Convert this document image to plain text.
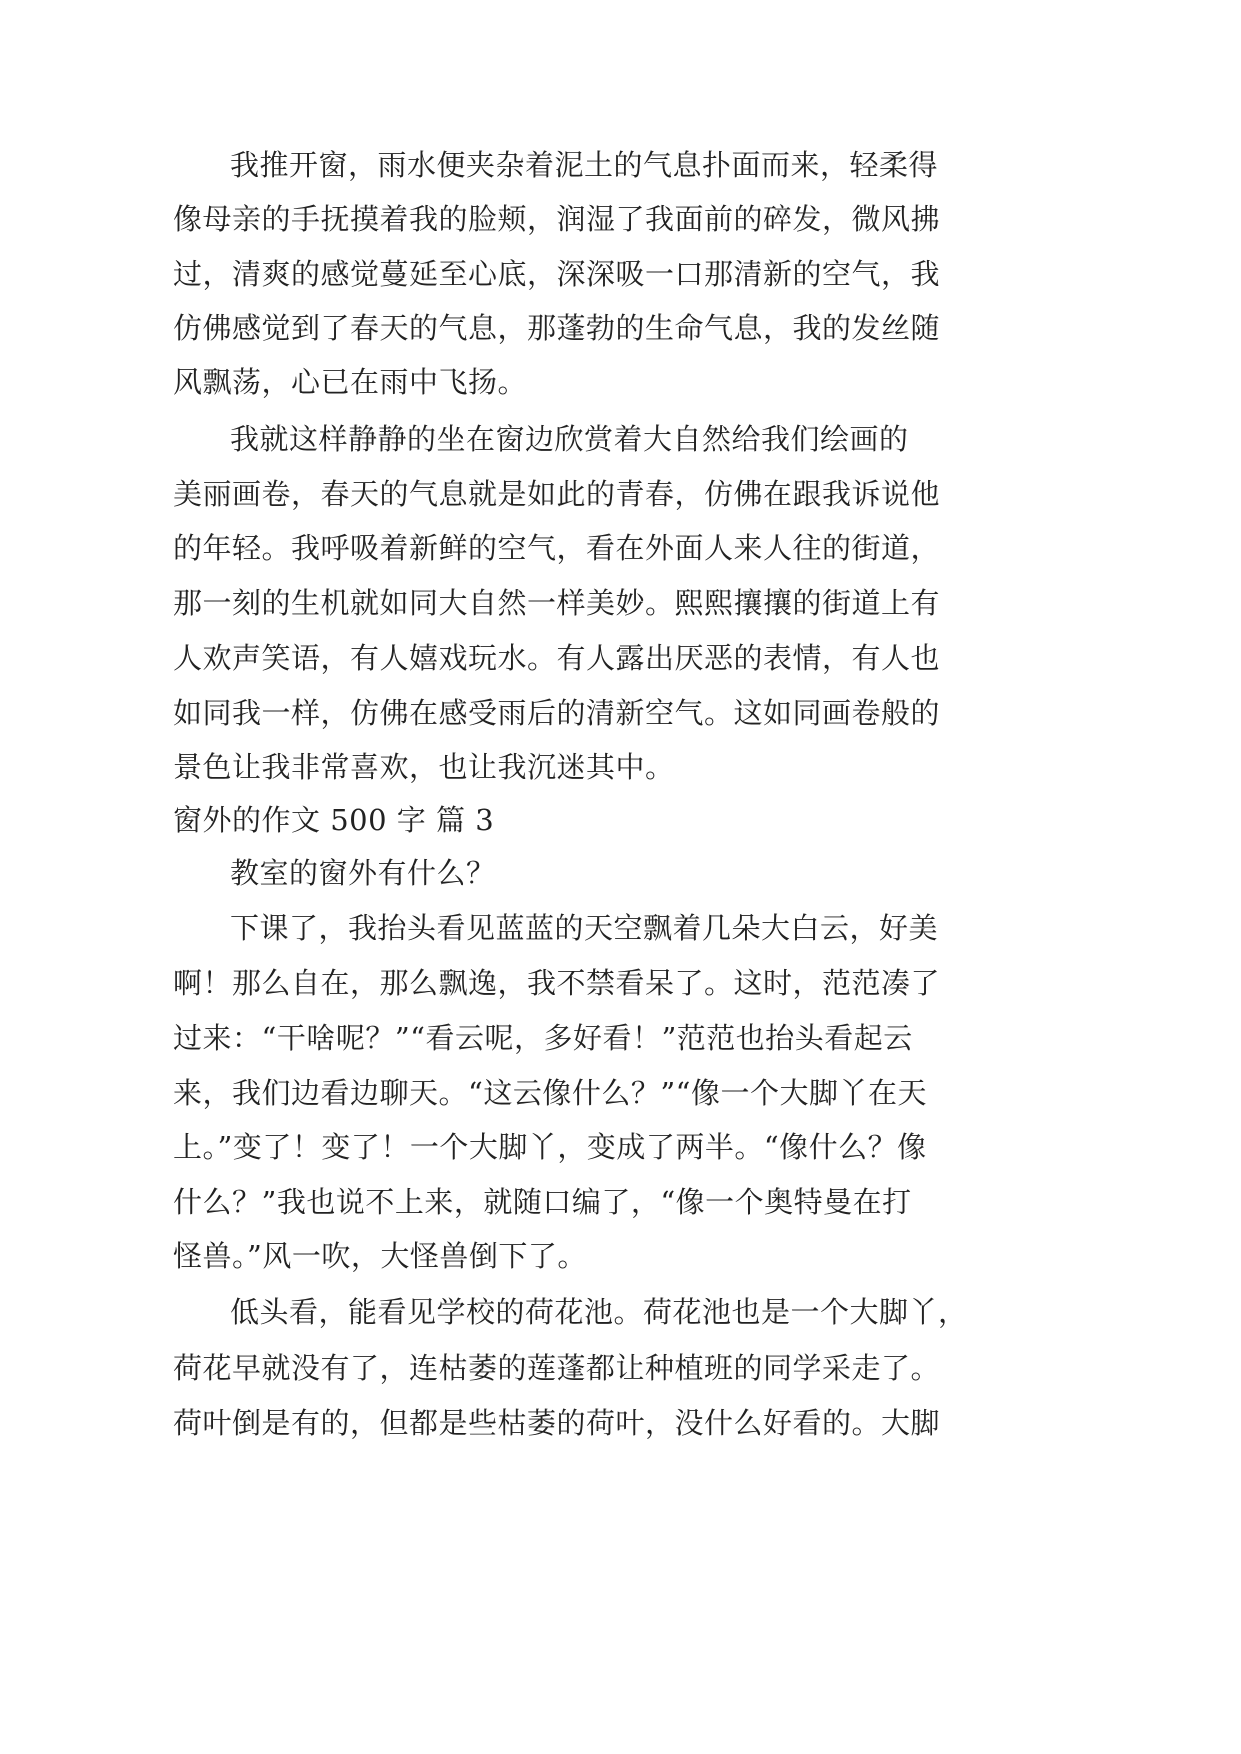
我推开窗，雨水便夹杂着泥土的气息扑面而来，轻柔得
像母亲的手抚摸着我的脸颊，润湿了我面前的碎发，微风拂
过，清爽的感觉蔓延至心底，深深吸一口那清新的空气，我
仿佛感觉到了春天的气息，那蓬勃的生命气息，我的发丝随
风飘荡，心已在雨中飞扬。
我就这样静静的坐在窗边欣赏着大自然给我们绘画的
美丽画卷，春天的气息就是如此的青春，仿佛在跟我诉说他
的年轻。我呼吸着新鲜的空气，看在外面人来人往的街道，
那一刻的生机就如同大自然一样美妙。熙熙攘攘的街道上有
人欢声笑语，有人嬉戏玩水。有人露出厌恶的表情，有人也
如同我一样，仿佛在感受雨后的清新空气。这如同画卷般的
景色让我非常喜欢，也让我沉迷其中。
窗外的作文 500 字 篇 3
教室的窗外有什么？
下课了，我抬头看见蓝蓝的天空飘着几朵大白云，好美
啊！那么自在，那么飘逸，我不禁看呆了。这时，范范凑了
过来：“干啥呢？”“看云呢，多好看！”范范也抬头看起云
来，我们边看边聊天。“这云像什么？”“像一个大脚丫在天
上。”变了！变了！一个大脚丫，变成了两半。“像什么？像
什么？”我也说不上来，就随口编了，“像一个奥特曼在打
怪兽。”风一吹，大怪兽倒下了。
低头看，能看见学校的荷花池。荷花池也是一个大脚丫，
荷花早就没有了，连枯萎的莲蓬都让种植班的同学采走了。
荷叶倒是有的，但都是些枯萎的荷叶，没什么好看的。大脚
